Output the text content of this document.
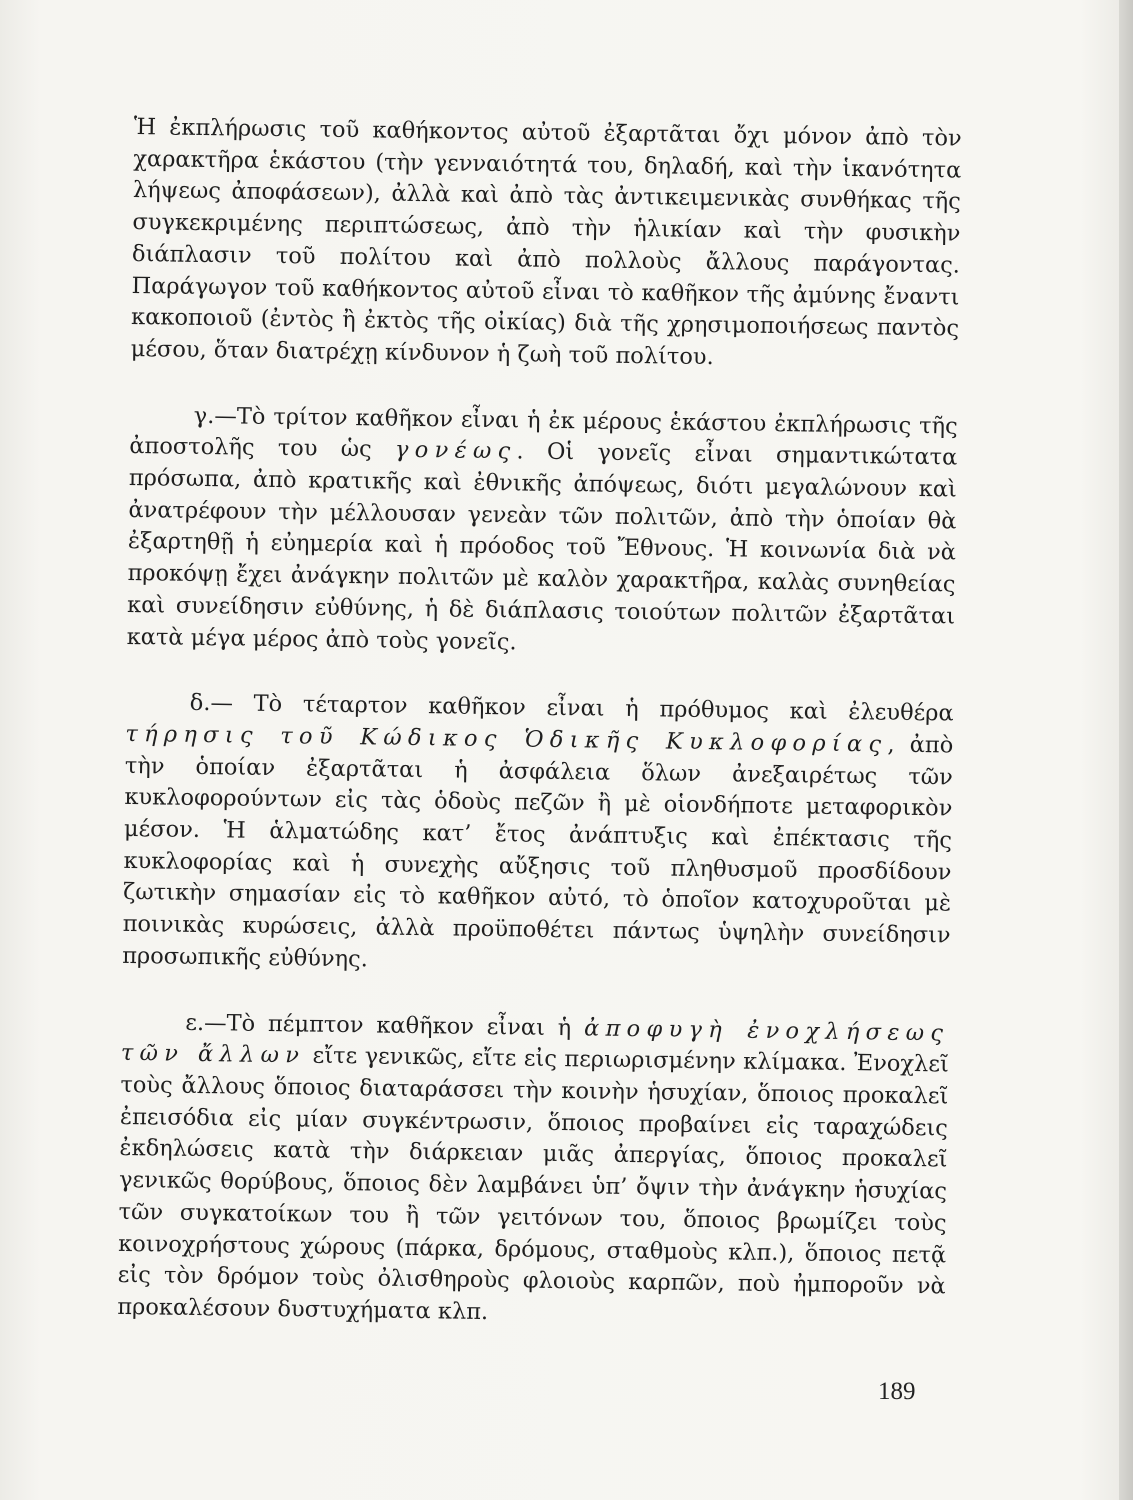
Ἡ ἐκπλήρωσις τοῦ καθήκοντος αὐτοῦ ἐξαρτᾶται ὄχι μόνον ἀπὸ τὸν χαρακτῆρα ἑκάστου (τὴν γενναιότητά του, δηλαδή, καὶ τὴν ἱκανότητα λήψεως ἀποφάσεων), ἀλλὰ καὶ ἀπὸ τὰς ἀντικειμενικὰς συνθήκας τῆς συγκεκριμένης περιπτώσεως, ἀπὸ τὴν ἡλικίαν καὶ τὴν φυσικὴν διάπλασιν τοῦ πολίτου καὶ ἀπὸ πολλοὺς ἄλλους παράγοντας. Παράγωγον τοῦ καθήκοντος αὐτοῦ εἶναι τὸ καθῆκον τῆς ἀμύνης ἔναντι κακοποιοῦ (ἐντὸς ἢ ἐκτὸς τῆς οἰκίας) διὰ τῆς χρησιμοποιήσεως παντὸς μέσου, ὅταν διατρέχῃ κίνδυνον ἡ ζωὴ τοῦ πολίτου.

γ.—Τὸ τρίτον καθῆκον εἶναι ἡ ἐκ μέρους ἑκάστου ἐκπλήρωσις τῆς ἀποστολῆς του ὡς γονέως. Οἱ γονεῖς εἶναι σημαντικώτατα πρόσωπα, ἀπὸ κρατικῆς καὶ ἐθνικῆς ἀπόψεως, διότι μεγαλώνουν καὶ ἀνατρέφουν τὴν μέλλουσαν γενεὰν τῶν πολιτῶν, ἀπὸ τὴν ὁποίαν θὰ ἐξαρτηθῇ ἡ εὐημερία καὶ ἡ πρόοδος τοῦ Ἔθνους. Ἡ κοινωνία διὰ νὰ προκόψῃ ἔχει ἀνάγκην πολιτῶν μὲ καλὸν χαρακτῆρα, καλὰς συνηθείας καὶ συνείδησιν εὐθύνης, ἡ δὲ διάπλασις τοιούτων πολιτῶν ἐξαρτᾶται κατὰ μέγα μέρος ἀπὸ τοὺς γονεῖς.

δ.— Τὸ τέταρτον καθῆκον εἶναι ἡ πρόθυμος καὶ ἐλευθέρα τήρησις τοῦ Κώδικος Ὁδικῆς Κυκλοφορίας, ἀπὸ τὴν ὁποίαν ἐξαρτᾶται ἡ ἀσφάλεια ὅλων ἀνεξαιρέτως τῶν κυκλοφορούντων εἰς τὰς ὁδοὺς πεζῶν ἢ μὲ οἱονδήποτε μεταφορικὸν μέσον. Ἡ ἁλματώδης κατ’ ἔτος ἀνάπτυξις καὶ ἐπέκτασις τῆς κυκλοφορίας καὶ ἡ συνεχὴς αὔξησις τοῦ πληθυσμοῦ προσδίδουν ζωτικὴν σημασίαν εἰς τὸ καθῆκον αὐτό, τὸ ὁποῖον κατοχυροῦται μὲ ποινικὰς κυρώσεις, ἀλλὰ προϋποθέτει πάντως ὑψηλὴν συνείδησιν προσωπικῆς εὐθύνης.

ε.—Τὸ πέμπτον καθῆκον εἶναι ἡ ἀποφυγὴ ἐνοχλήσεως τῶν ἄλλων εἴτε γενικῶς, εἴτε εἰς περιωρισμένην κλίμακα. Ἐνοχλεῖ τοὺς ἄλλους ὅποιος διαταράσσει τὴν κοινὴν ἡσυχίαν, ὅποιος προκαλεῖ ἐπεισόδια εἰς μίαν συγκέντρωσιν, ὅποιος προβαίνει εἰς ταραχώδεις ἐκδηλώσεις κατὰ τὴν διάρκειαν μιᾶς ἀπεργίας, ὅποιος προκαλεῖ γενικῶς θορύβους, ὅποιος δὲν λαμβάνει ὑπ’ ὄψιν τὴν ἀνάγκην ἡσυχίας τῶν συγκατοίκων του ἢ τῶν γειτόνων του, ὅποιος βρωμίζει τοὺς κοινοχρήστους χώρους (πάρκα, δρόμους, σταθμοὺς κλπ.), ὅποιος πετᾷ εἰς τὸν δρόμον τοὺς ὀλισθηροὺς φλοιοὺς καρπῶν, ποὺ ἠμποροῦν νὰ προκαλέσουν δυστυχήματα κλπ.

189
